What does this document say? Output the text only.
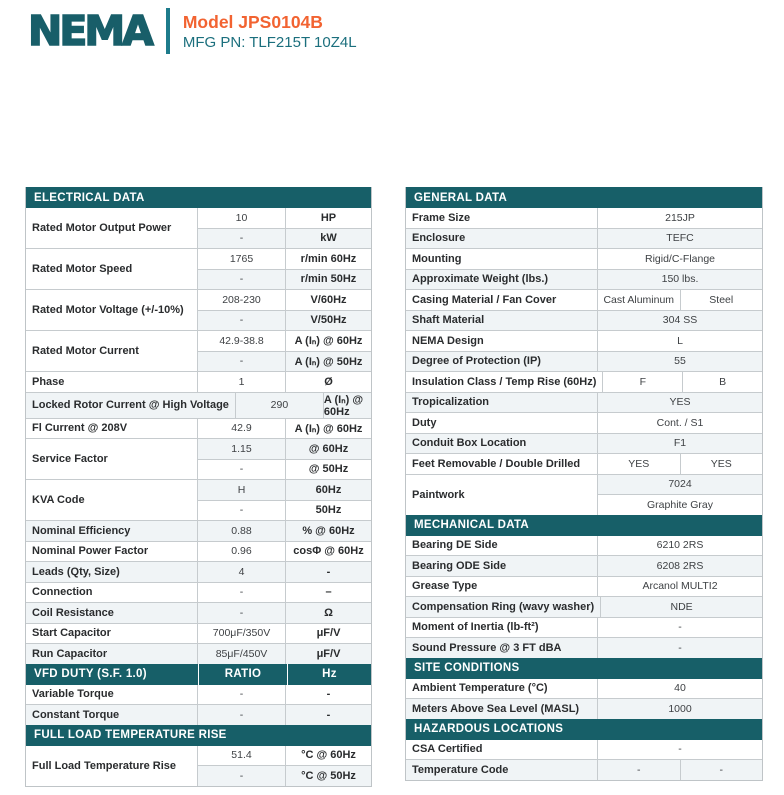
NEMA Model JPS0104B
MFG PN: TLF215T 10Z4L
ELECTRICAL DATA
Rated Motor Output Power
10	HP
-	kW
Rated Motor Speed
1765	r/min 60Hz
-	r/min 50Hz
Rated Motor Voltage (+/-10%)
208-230	V/60Hz
-	V/50Hz
Rated Motor Current
42.9-38.8	A (Iₙ) @ 60Hz
-	A (Iₙ) @ 50Hz
Phase	1	Ø
Locked Rotor Current @ High Voltage	290	A (Iₙ) @ 60Hz
Fl Current @ 208V	42.9	A (Iₙ) @ 60Hz
Service Factor
1.15	@ 60Hz
-	@ 50Hz
KVA Code
H	60Hz
-	50Hz
Nominal Efficiency	0.88	% @ 60Hz
Nominal Power Factor	0.96	cosΦ @ 60Hz
Leads (Qty, Size)	4	-
Connection	-	–
Coil Resistance	-	Ω
Start Capacitor	700μF/350V	μF/V
Run Capacitor	85μF/450V	μF/V
VFD DUTY (S.F. 1.0)	RATIO	Hz
Variable Torque	-	-
Constant Torque	-	-
FULL LOAD TEMPERATURE RISE
Full Load Temperature Rise
51.4	°C @ 60Hz
-	°C @ 50Hz
GENERAL DATA
Frame Size	215JP
Enclosure	TEFC
Mounting	Rigid/C-Flange
Approximate Weight (lbs.)	150 lbs.
Casing Material / Fan Cover	Cast Aluminum	Steel
Shaft Material	304 SS
NEMA Design	L
Degree of Protection (IP)	55
Insulation Class / Temp Rise (60Hz)	F	B
Tropicalization	YES
Duty	Cont. / S1
Conduit Box Location	F1
Feet Removable / Double Drilled	YES	YES
Paintwork
7024
Graphite Gray
MECHANICAL DATA
Bearing DE Side	6210 2RS
Bearing ODE Side	6208 2RS
Grease Type	Arcanol MULTI2
Compensation Ring (wavy washer)	NDE
Moment of Inertia (lb-ft²)	-
Sound Pressure @ 3 FT dBA	-
SITE CONDITIONS
Ambient Temperature (°C)	40
Meters Above Sea Level (MASL)	1000
HAZARDOUS LOCATIONS
CSA Certified	-
Temperature Code	-	-
